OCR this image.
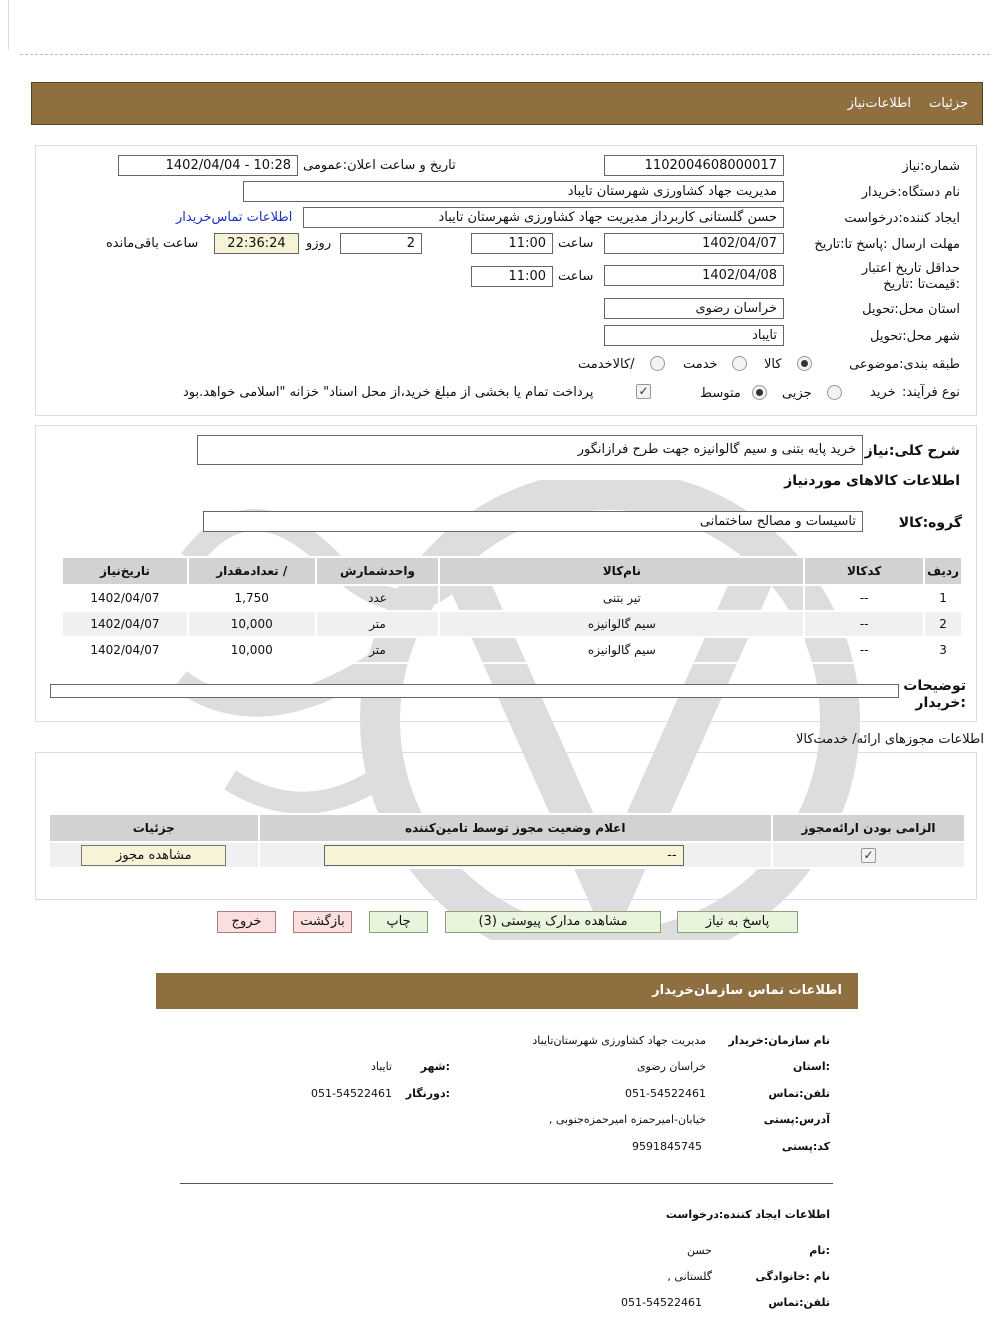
جزئیات
اطلاعات‌نیاز
شماره:نیاز
1102004608000017
تاریخ و ساعت اعلان:عمومی
1402/04/04 - 10:28
نام دستگاه:خریدار
مدیریت جهاد کشاورزی شهرستان تایباد
ایجاد کننده:درخواست
حسن گلستانی کاربرداز مدیریت جهاد کشاورزی شهرستان تایباد
اطلاعات تماس‌خریدار
مهلت ارسال :پاسخ تا:تاریخ
1402/04/07
ساعت
11:00
2
روزو
22:36:24
ساعت باقی‌مانده
حداقل تاریخ اعتبار :قیمت‌تا :تاریخ
1402/04/08
ساعت
11:00
استان محل:تحویل
خراسان رضوی
شهر محل:تحویل
تایباد
طبقه بندی:موضوعی
کالا
خدمت
/کالاخدمت
نوع فرآیند:
خرید
جزیی
متوسط
✓
پرداخت تمام یا بخشی از مبلغ خرید،از محل اسناد" خزانه "اسلامی خواهد.بود
شرح کلی:نیاز
خرید پایه بتنی و سیم گالوانیزه جهت طرح فرازانگور
اطلاعات کالاهای موردنیاز
گروه:کالا
تاسیسات و مصالح ساختمانی
ردیف	کدکالا	نام‌کالا	واحدشمارش	/ تعدادمقدار	تاریخ‌نیاز
1	--	تیر بتنی	عدد	1,750	1402/04/07
2	--	سیم گالوانیزه	متر	10,000	1402/04/07
3	--	سیم گالوانیزه	متر	10,000	1402/04/07
توضیحات :خریدار
اطلاعات مجوزهای ارائه/ خدمت‌کالا
الزامی بودن ارائه‌مجوز	اعلام وضعیت مجوز توسط تامین‌کننده	جزئیات
✓	--	مشاهده مجوز
پاسخ به نیاز
مشاهده مدارک پیوستی (3)
چاپ
بازگشت
خروج
اطلاعات تماس سازمان‌خریدار
نام سازمان:خریدار
مدیریت جهاد کشاورزی شهرستان‌تایباد
:استان
خراسان رضوی
:شهر
تایباد
تلفن:تماس
051-54522461
:دورنگار
051-54522461
آدرس:پستی
خیابان-امیرحمزه امیرحمزه‌جنوبی ,
کد:پستی
9591845745
اطلاعات ایجاد کننده:درخواست
:نام
حسن
نام :خانوادگی
گلستانی ,
تلفن:تماس
051-54522461
